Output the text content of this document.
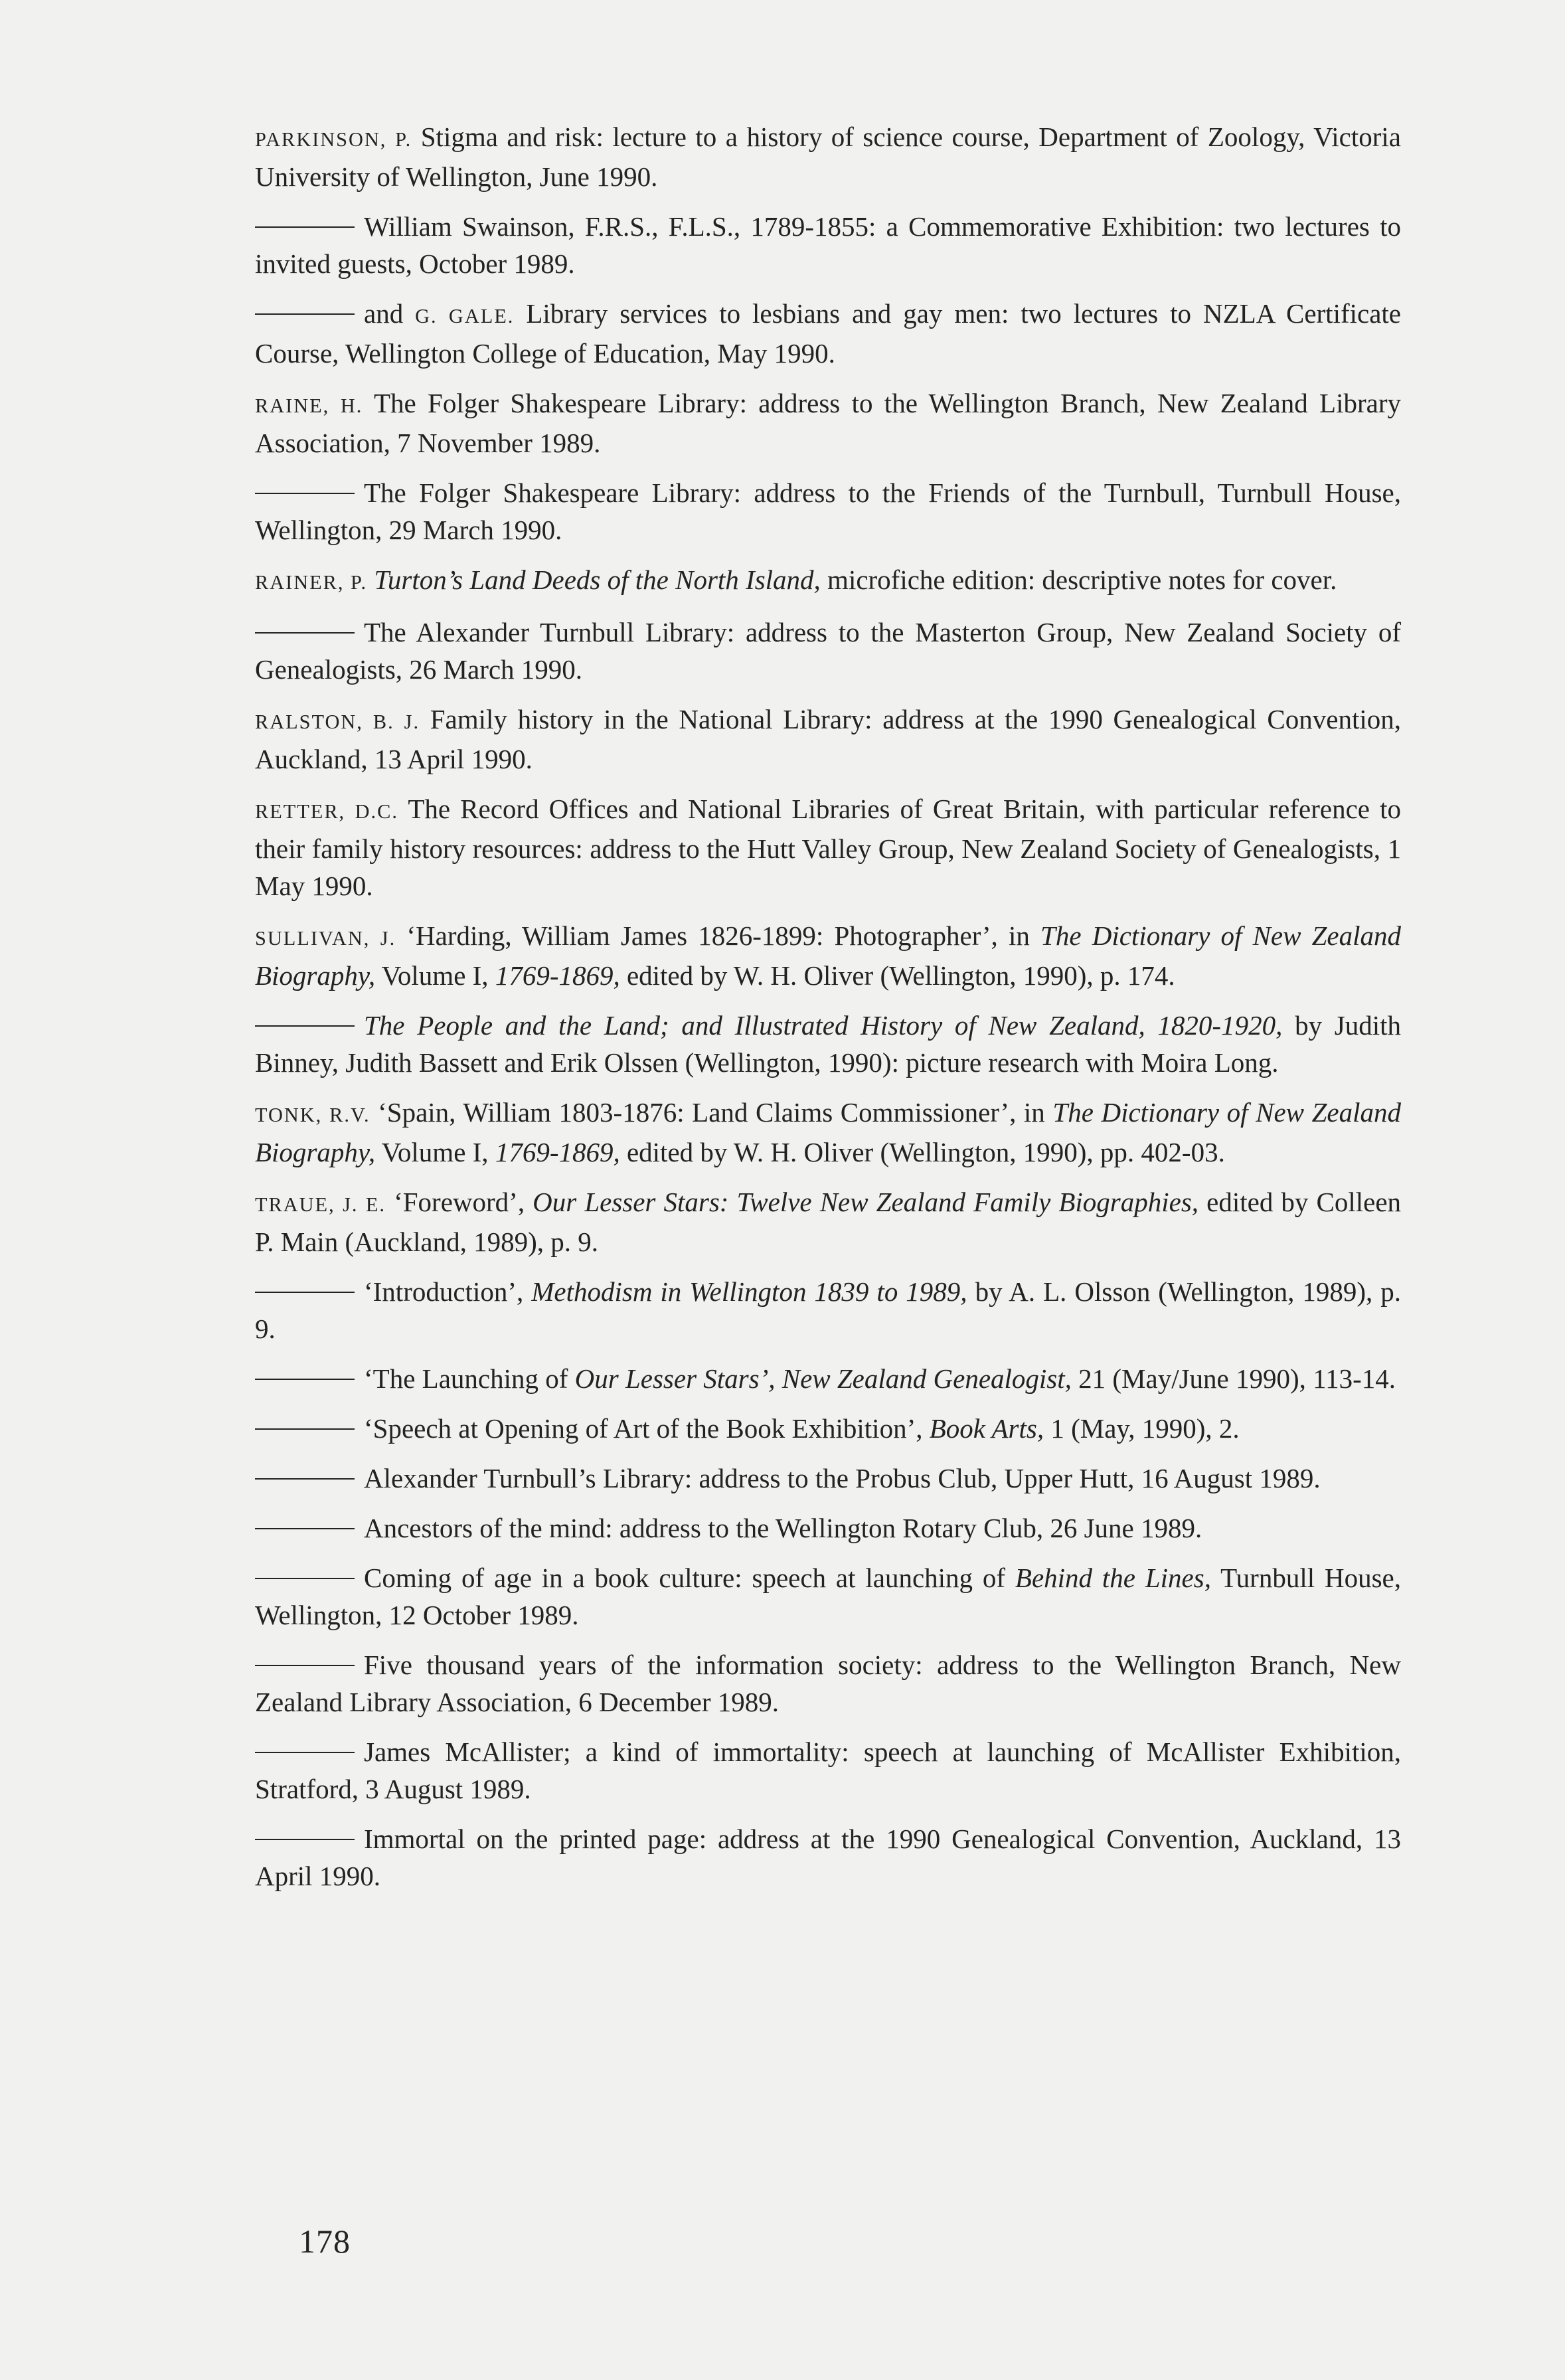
PARKINSON, P. Stigma and risk: lecture to a history of science course, Department of Zoology, Victoria University of Wellington, June 1990.

William Swainson, F.R.S., F.L.S., 1789-1855: a Commemorative Exhibition: two lectures to invited guests, October 1989.

and G. GALE. Library services to lesbians and gay men: two lectures to NZLA Certificate Course, Wellington College of Education, May 1990.

RAINE, H. The Folger Shakespeare Library: address to the Wellington Branch, New Zealand Library Association, 7 November 1989.

The Folger Shakespeare Library: address to the Friends of the Turnbull, Turnbull House, Wellington, 29 March 1990.

RAINER, P. Turton’s Land Deeds of the North Island, microfiche edition: descriptive notes for cover.

The Alexander Turnbull Library: address to the Masterton Group, New Zealand Society of Genealogists, 26 March 1990.

RALSTON, B. J. Family history in the National Library: address at the 1990 Genealogical Convention, Auckland, 13 April 1990.

RETTER, D.C. The Record Offices and National Libraries of Great Britain, with particular reference to their family history resources: address to the Hutt Valley Group, New Zealand Society of Genealogists, 1 May 1990.

SULLIVAN, J. ‘Harding, William James 1826-1899: Photographer’, in The Dictionary of New Zealand Biography, Volume I, 1769-1869, edited by W. H. Oliver (Wellington, 1990), p. 174.

The People and the Land; and Illustrated History of New Zealand, 1820-1920, by Judith Binney, Judith Bassett and Erik Olssen (Wellington, 1990): picture research with Moira Long.

TONK, R.V. ‘Spain, William 1803-1876: Land Claims Commissioner’, in The Dictionary of New Zealand Biography, Volume I, 1769-1869, edited by W. H. Oliver (Wellington, 1990), pp. 402-03.

TRAUE, J. E. ‘Foreword’, Our Lesser Stars: Twelve New Zealand Family Biographies, edited by Colleen P. Main (Auckland, 1989), p. 9.

‘Introduction’, Methodism in Wellington 1839 to 1989, by A. L. Olsson (Wellington, 1989), p. 9.

‘The Launching of Our Lesser Stars’, New Zealand Genealogist, 21 (May/June 1990), 113-14.

‘Speech at Opening of Art of the Book Exhibition’, Book Arts, 1 (May, 1990), 2.

Alexander Turnbull’s Library: address to the Probus Club, Upper Hutt, 16 August 1989.

Ancestors of the mind: address to the Wellington Rotary Club, 26 June 1989.

Coming of age in a book culture: speech at launching of Behind the Lines, Turnbull House, Wellington, 12 October 1989.

Five thousand years of the information society: address to the Wellington Branch, New Zealand Library Association, 6 December 1989.

James McAllister; a kind of immortality: speech at launching of McAllister Exhibition, Stratford, 3 August 1989.

Immortal on the printed page: address at the 1990 Genealogical Convention, Auckland, 13 April 1990.

178
